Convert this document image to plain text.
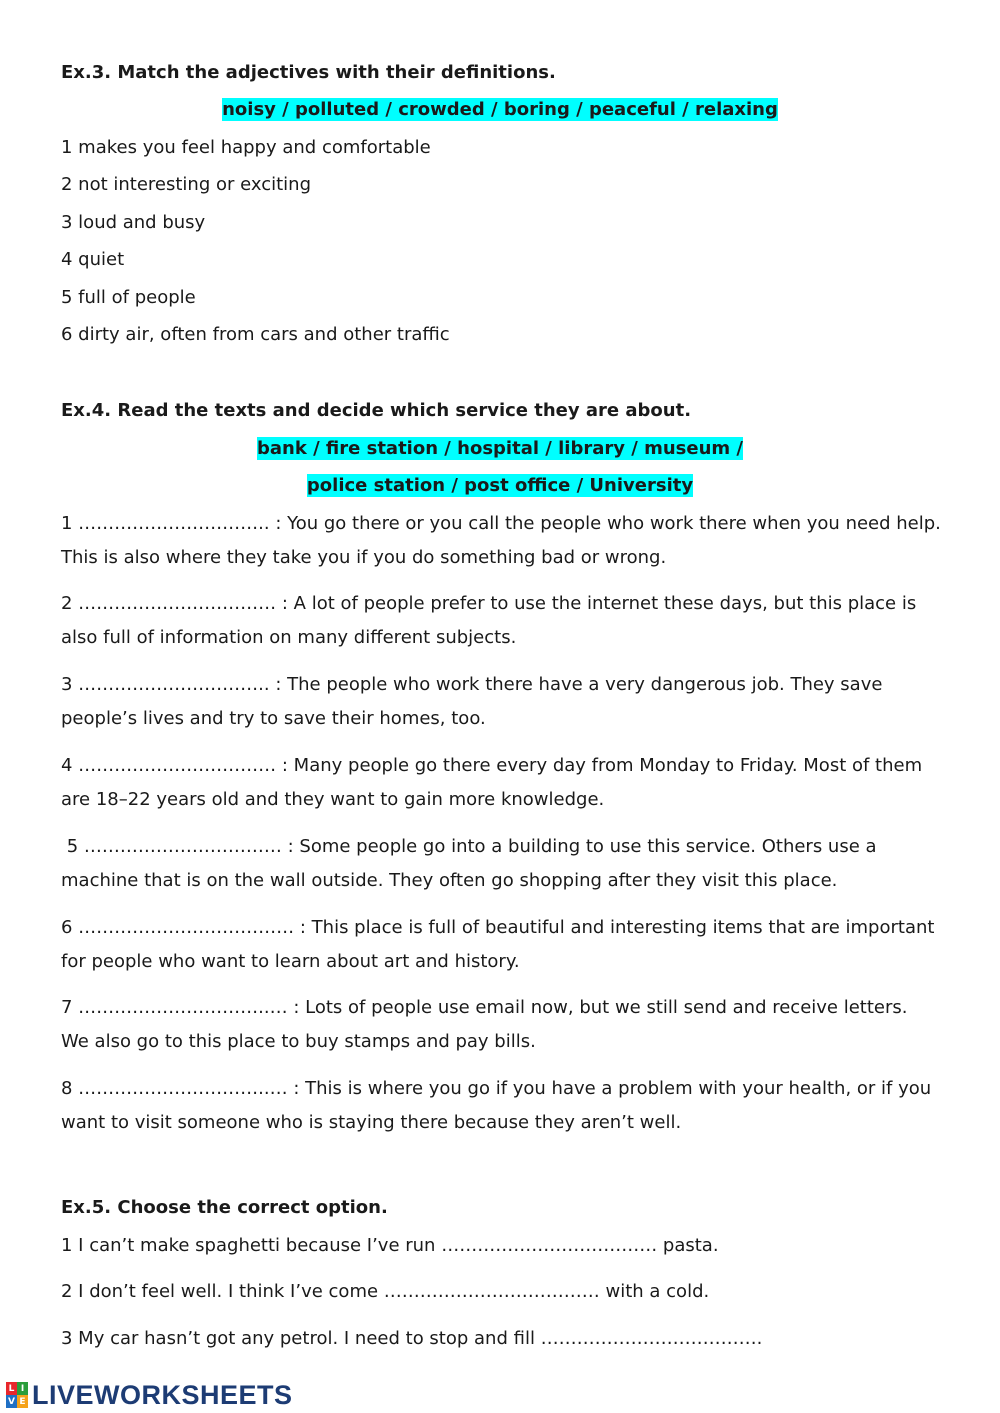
Ex.3. Match the adjectives with their definitions.
noisy / polluted / crowded / boring / peaceful / relaxing
1 makes you feel happy and comfortable
2 not interesting or exciting
3 loud and busy
4 quiet
5 full of people
6 dirty air, often from cars and other traffic
Ex.4. Read the texts and decide which service they are about.
bank / fire station / hospital / library / museum /
police station / post office / University
1 ………………………….. : You go there or you call the people who work there when you need help. This is also where they take you if you do something bad or wrong.
2 …………………………… : A lot of people prefer to use the internet these days, but this place is also full of information on many different subjects.
3 ………………………….. : The people who work there have a very dangerous job. They save people’s lives and try to save their homes, too.
4 …………………………… : Many people go there every day from Monday to Friday. Most of them are 18–22 years old and they want to gain more knowledge.
5 …………………………… : Some people go into a building to use this service. Others use a machine that is on the wall outside. They often go shopping after they visit this place.
6 ……………………………… : This place is full of beautiful and interesting items that are important for people who want to learn about art and history.
7 …………………………..… : Lots of people use email now, but we still send and receive letters. We also go to this place to buy stamps and pay bills.
8 …………………………..… : This is where you go if you have a problem with your health, or if you want to visit someone who is staying there because they aren’t well.
Ex.5. Choose the correct option.
1 I can’t make spaghetti because I’ve run ……………………………… pasta.
2 I don’t feel well. I think I’ve come ……………………………… with a cold.
3 My car hasn’t got any petrol. I need to stop and fill ……………………………….
L I
V E LIVEWORKSHEETS
